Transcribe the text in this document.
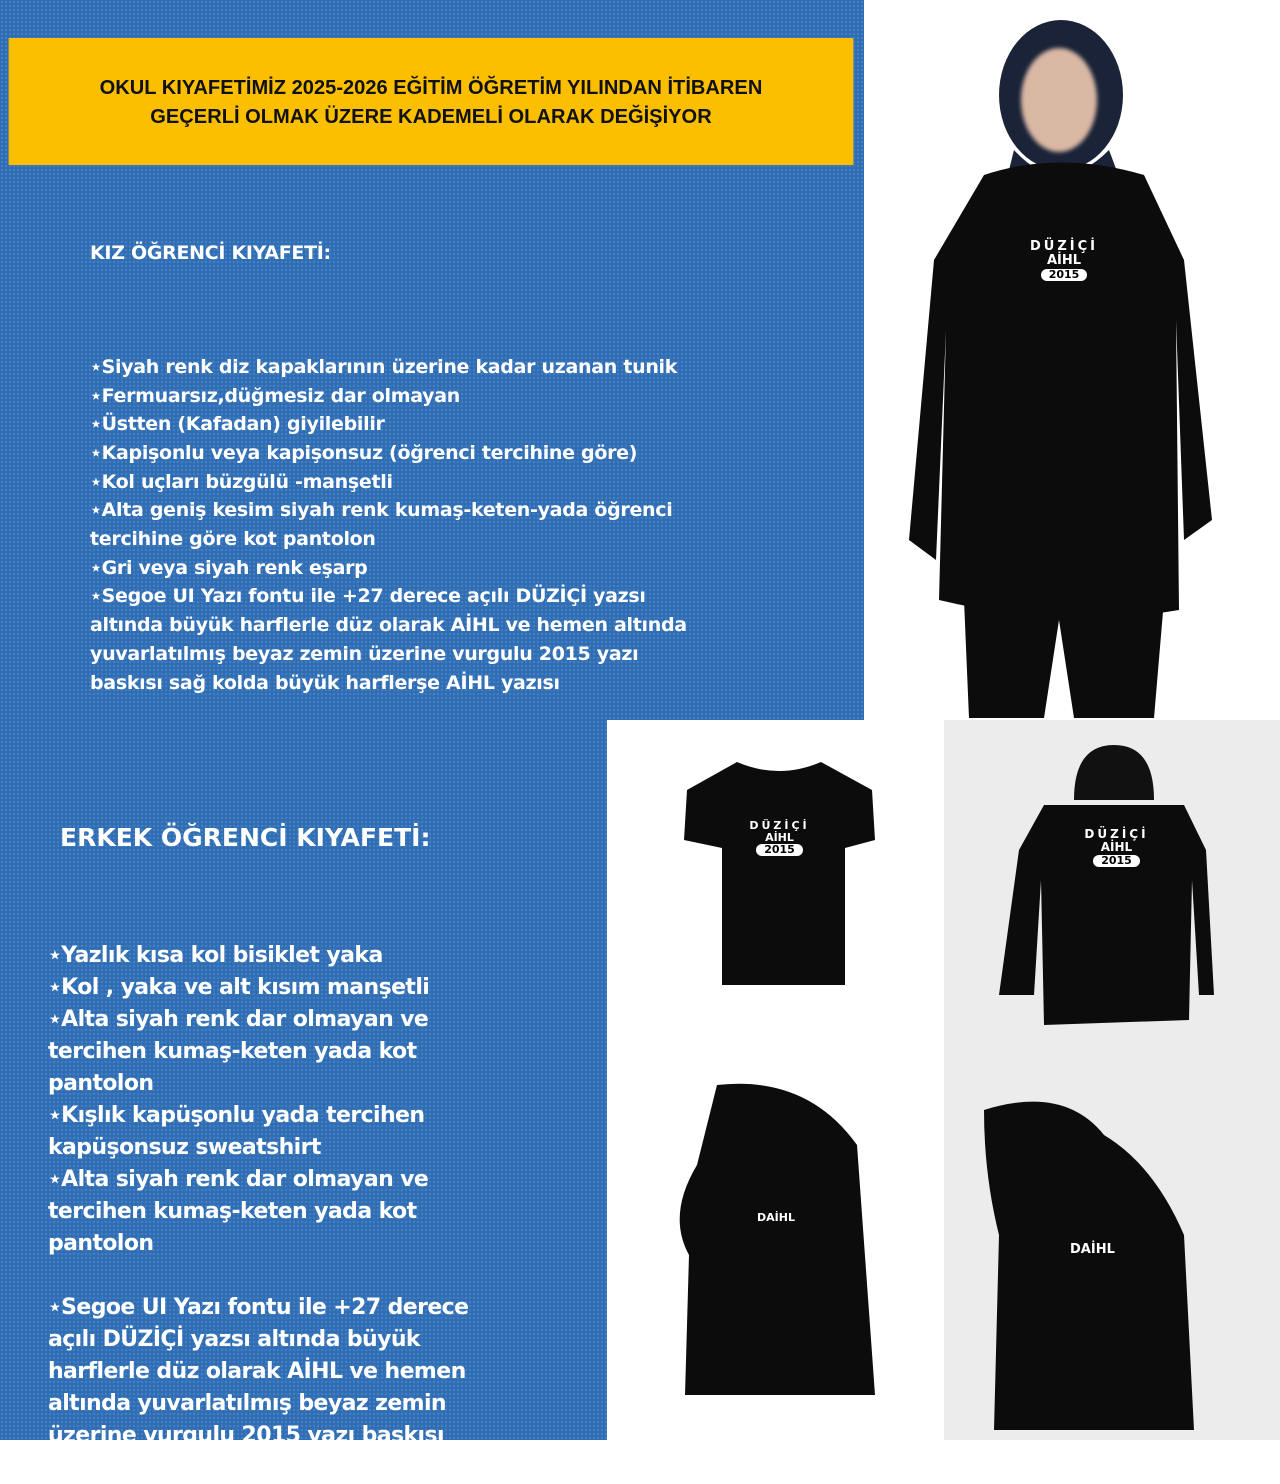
OKUL KIYAFETİMİZ 2025-2026 EĞİTİM ÖĞRETİM YILINDAN İTİBAREN
GEÇERLİ OLMAK ÜZERE KADEMELİ OLARAK DEĞİŞİYOR

KIZ ÖĞRENCİ KIYAFETİ:

⋆Siyah renk diz kapaklarının üzerine kadar uzanan tunik
⋆Fermuarsız,düğmesiz dar olmayan
⋆Üstten (Kafadan) giyilebilir
⋆Kapişonlu veya kapişonsuz (öğrenci tercihine göre)
⋆Kol uçları büzgülü -manşetli
⋆Alta geniş kesim siyah renk kumaş-keten-yada öğrenci tercihine göre kot pantolon
⋆Gri veya siyah renk eşarp
⋆Segoe UI Yazı fontu ile +27 derece açılı DÜZİÇİ yazsı altında büyük harflerle düz olarak AİHL ve hemen altında yuvarlatılmış beyaz zemin üzerine vurgulu 2015 yazı baskısı sağ kolda büyük harflerşe AİHL yazısı

ERKEK ÖĞRENCİ KIYAFETİ:

⋆Yazlık kısa kol bisiklet yaka
⋆Kol , yaka ve alt kısım manşetli
⋆Alta siyah renk dar olmayan ve tercihen kumaş-keten yada kot pantolon
⋆Kışlık kapüşonlu yada tercihen kapüşonsuz sweatshirt
⋆Alta siyah renk dar olmayan ve tercihen kumaş-keten yada kot pantolon
⋆Segoe UI Yazı fontu ile +27 derece açılı DÜZİÇİ yazsı altında büyük harflerle düz olarak AİHL ve hemen altında yuvarlatılmış beyaz zemin üzerine vurgulu 2015 yazı baskısı

DÜZİÇİ
AİHL
2015
DÜZİÇİ
AİHL
2015
DÜZİÇİ
AİHL
2015
DAİHL
DAİHL
